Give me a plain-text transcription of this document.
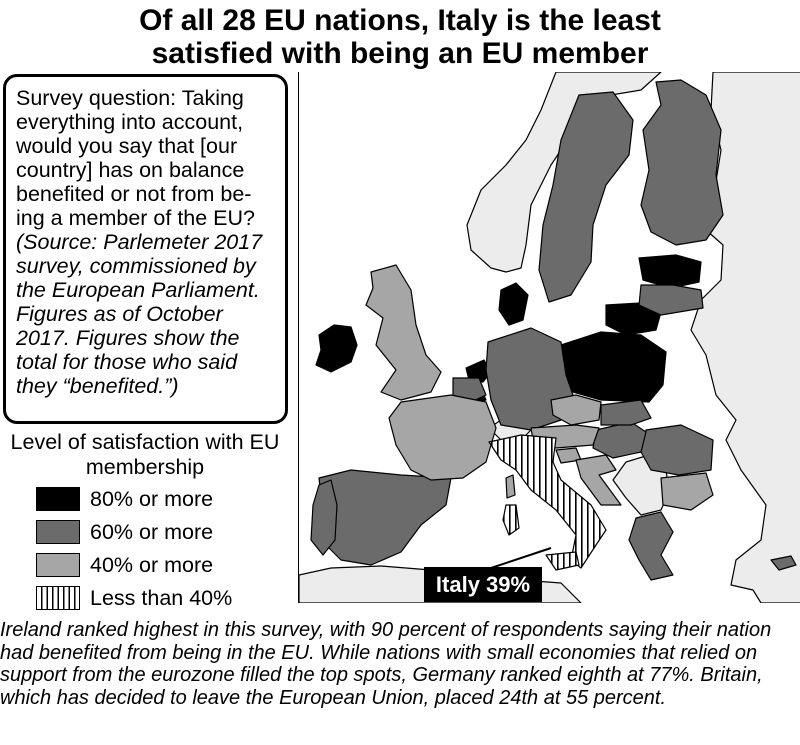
Of all 28 EU nations, Italy is the least
satisfied with being an EU member
Survey question: Taking everything into account, would you say that [our country] has on balance benefited or not from be-ing a member of the EU?
(Source: Parlemeter 2017 survey, commissioned by the European Parliament. Figures as of October 2017. Figures show the total for those who said they “benefited.”)
Level of satisfaction with EU membership
80% or more
60% or more
40% or more
Less than 40%
Italy 39%
Ireland ranked highest in this survey, with 90 percent of respondents saying their nation had benefited from being in the EU. While nations with small economies that relied on support from the eurozone filled the top spots, Germany ranked eighth at 77%. Britain, which has decided to leave the European Union, placed 24th at 55 percent.
